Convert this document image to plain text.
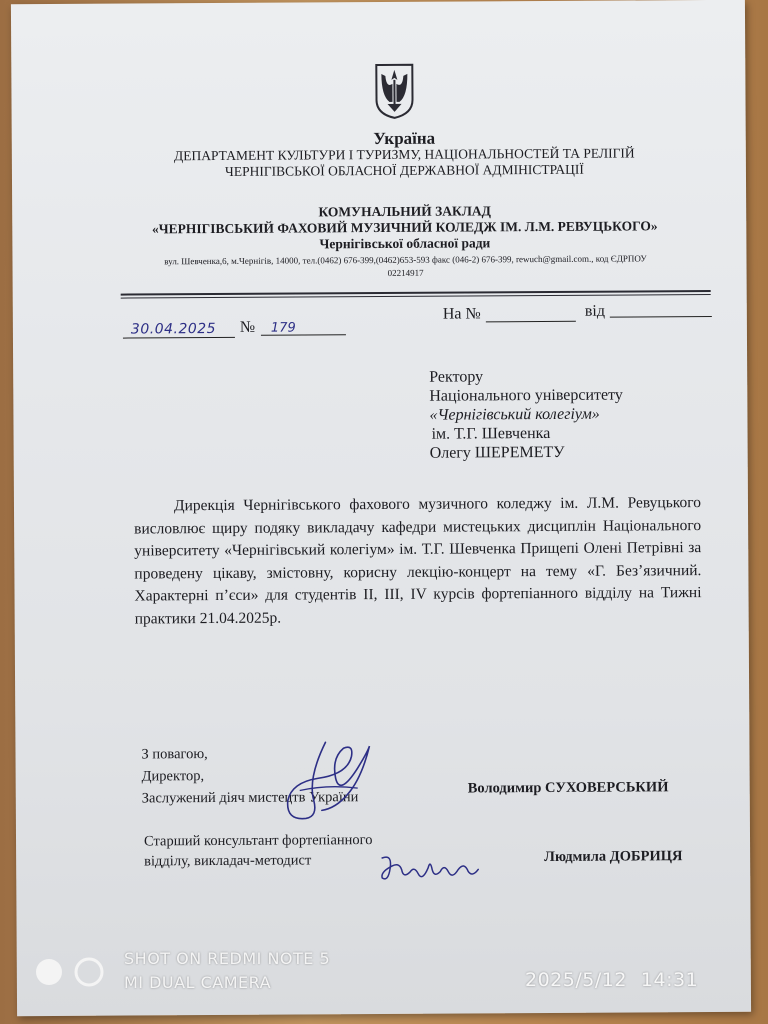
Україна
ДЕПАРТАМЕНТ КУЛЬТУРИ І ТУРИЗМУ, НАЦІОНАЛЬНОСТЕЙ ТА РЕЛІГІЙ
ЧЕРНІГІВСЬКОЇ ОБЛАСНОЇ ДЕРЖАВНОЇ АДМІНІСТРАЦІЇ
КОМУНАЛЬНИЙ ЗАКЛАД
«ЧЕРНІГІВСЬКИЙ ФАХОВИЙ МУЗИЧНИЙ КОЛЕДЖ ІМ. Л.М. РЕВУЦЬКОГО»
Чернігівської обласної ради
вул. Шевченка,6, м.Чернігів, 14000, тел.(0462) 676-399,(0462)653-593 факс (046-2) 676-399, rewuch@gmail.com., код ЄДРПОУ
02214917
30.04.2025 № 179
На №	від
Ректору
Національного університету
«Чернігівський колегіум»
ім. Т.Г. Шевченка
Олегу ШЕРЕМЕТУ
Дирекція Чернігівського фахового музичного коледжу ім. Л.М. Ревуцького висловлює щиру подяку викладачу кафедри мистецьких дисциплін Національного університету «Чернігівський колегіум» ім. Т.Г. Шевченка Прищепі Олені Петрівні за проведену цікаву, змістовну, корисну лекцію-концерт на тему «Г. Без’язичний. Характерні п’єси» для студентів ІІ, ІІІ, IV курсів фортепіанного відділу на Тижні практики 21.04.2025р.
З повагою,
Директор,
Заслужений діяч мистецтв України
Володимир СУХОВЕРСЬКИЙ
Старший консультант фортепіанного
відділу, викладач-методист	Людмила ДОБРИЦЯ
SHOT ON REDMI NOTE 5
MI DUAL CAMERA	2025/5/12 14:31
